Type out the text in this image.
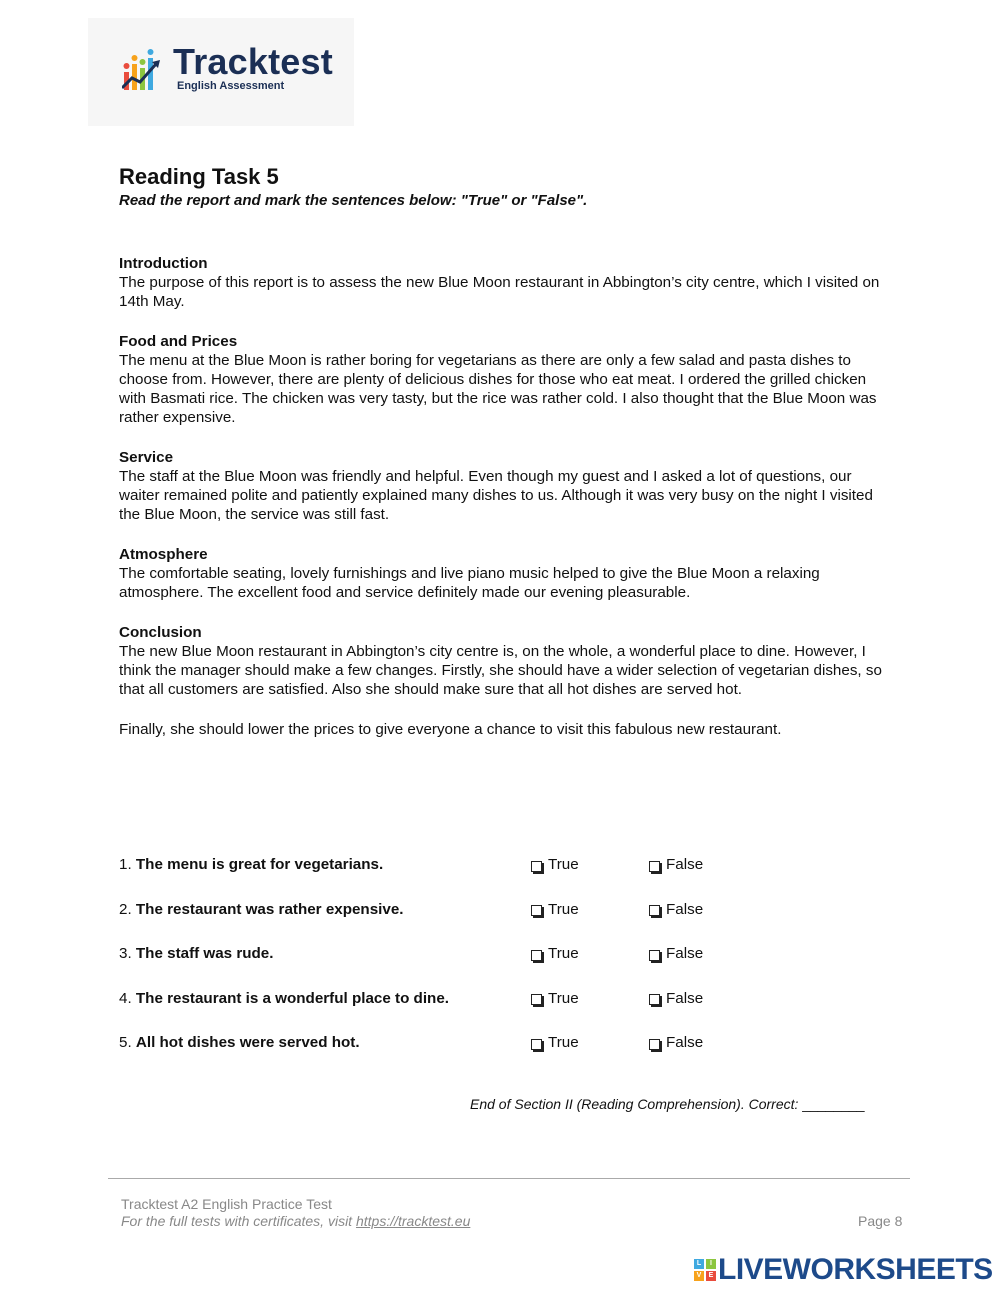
Tracktest
English Assessment
Reading Task 5
Read the report and mark the sentences below: "True" or "False".
Introduction

The purpose of this report is to assess the new Blue Moon restaurant in Abbington’s city centre, which I visited on 14th May.

Food and Prices

The menu at the Blue Moon is rather boring for vegetarians as there are only a few salad and pasta dishes to choose from. However, there are plenty of delicious dishes for those who eat meat. I ordered the grilled chicken with Basmati rice. The chicken was very tasty, but the rice was rather cold. I also thought that the Blue Moon was rather expensive.

Service

The staff at the Blue Moon was friendly and helpful. Even though my guest and I asked a lot of questions, our waiter remained polite and patiently explained many dishes to us. Although it was very busy on the night I visited the Blue Moon, the service was still fast.

Atmosphere

The comfortable seating, lovely furnishings and live piano music helped to give the Blue Moon a relaxing atmosphere. The excellent food and service definitely made our evening pleasurable.

Conclusion

The new Blue Moon restaurant in Abbington’s city centre is, on the whole, a wonderful place to dine. However, I think the manager should make a few changes. Firstly, she should have a wider selection of vegetarian dishes, so that all customers are satisfied. Also she should make sure that all hot dishes are served hot.

Finally, she should lower the prices to give everyone a chance to visit this fabulous new restaurant.

1. The menu is great for vegetarians.	True	False
2. The restaurant was rather expensive.	True	False
3. The staff was rude.	True	False
4. The restaurant is a wonderful place to dine.	True	False
5. All hot dishes were served hot.	True	False
End of Section II (Reading Comprehension). Correct: ________
Tracktest A2 English Practice Test
For the full tests with certificates, visit https://tracktest.eu	Page 8
L	I
V	E LIVEWORKSHEETS
